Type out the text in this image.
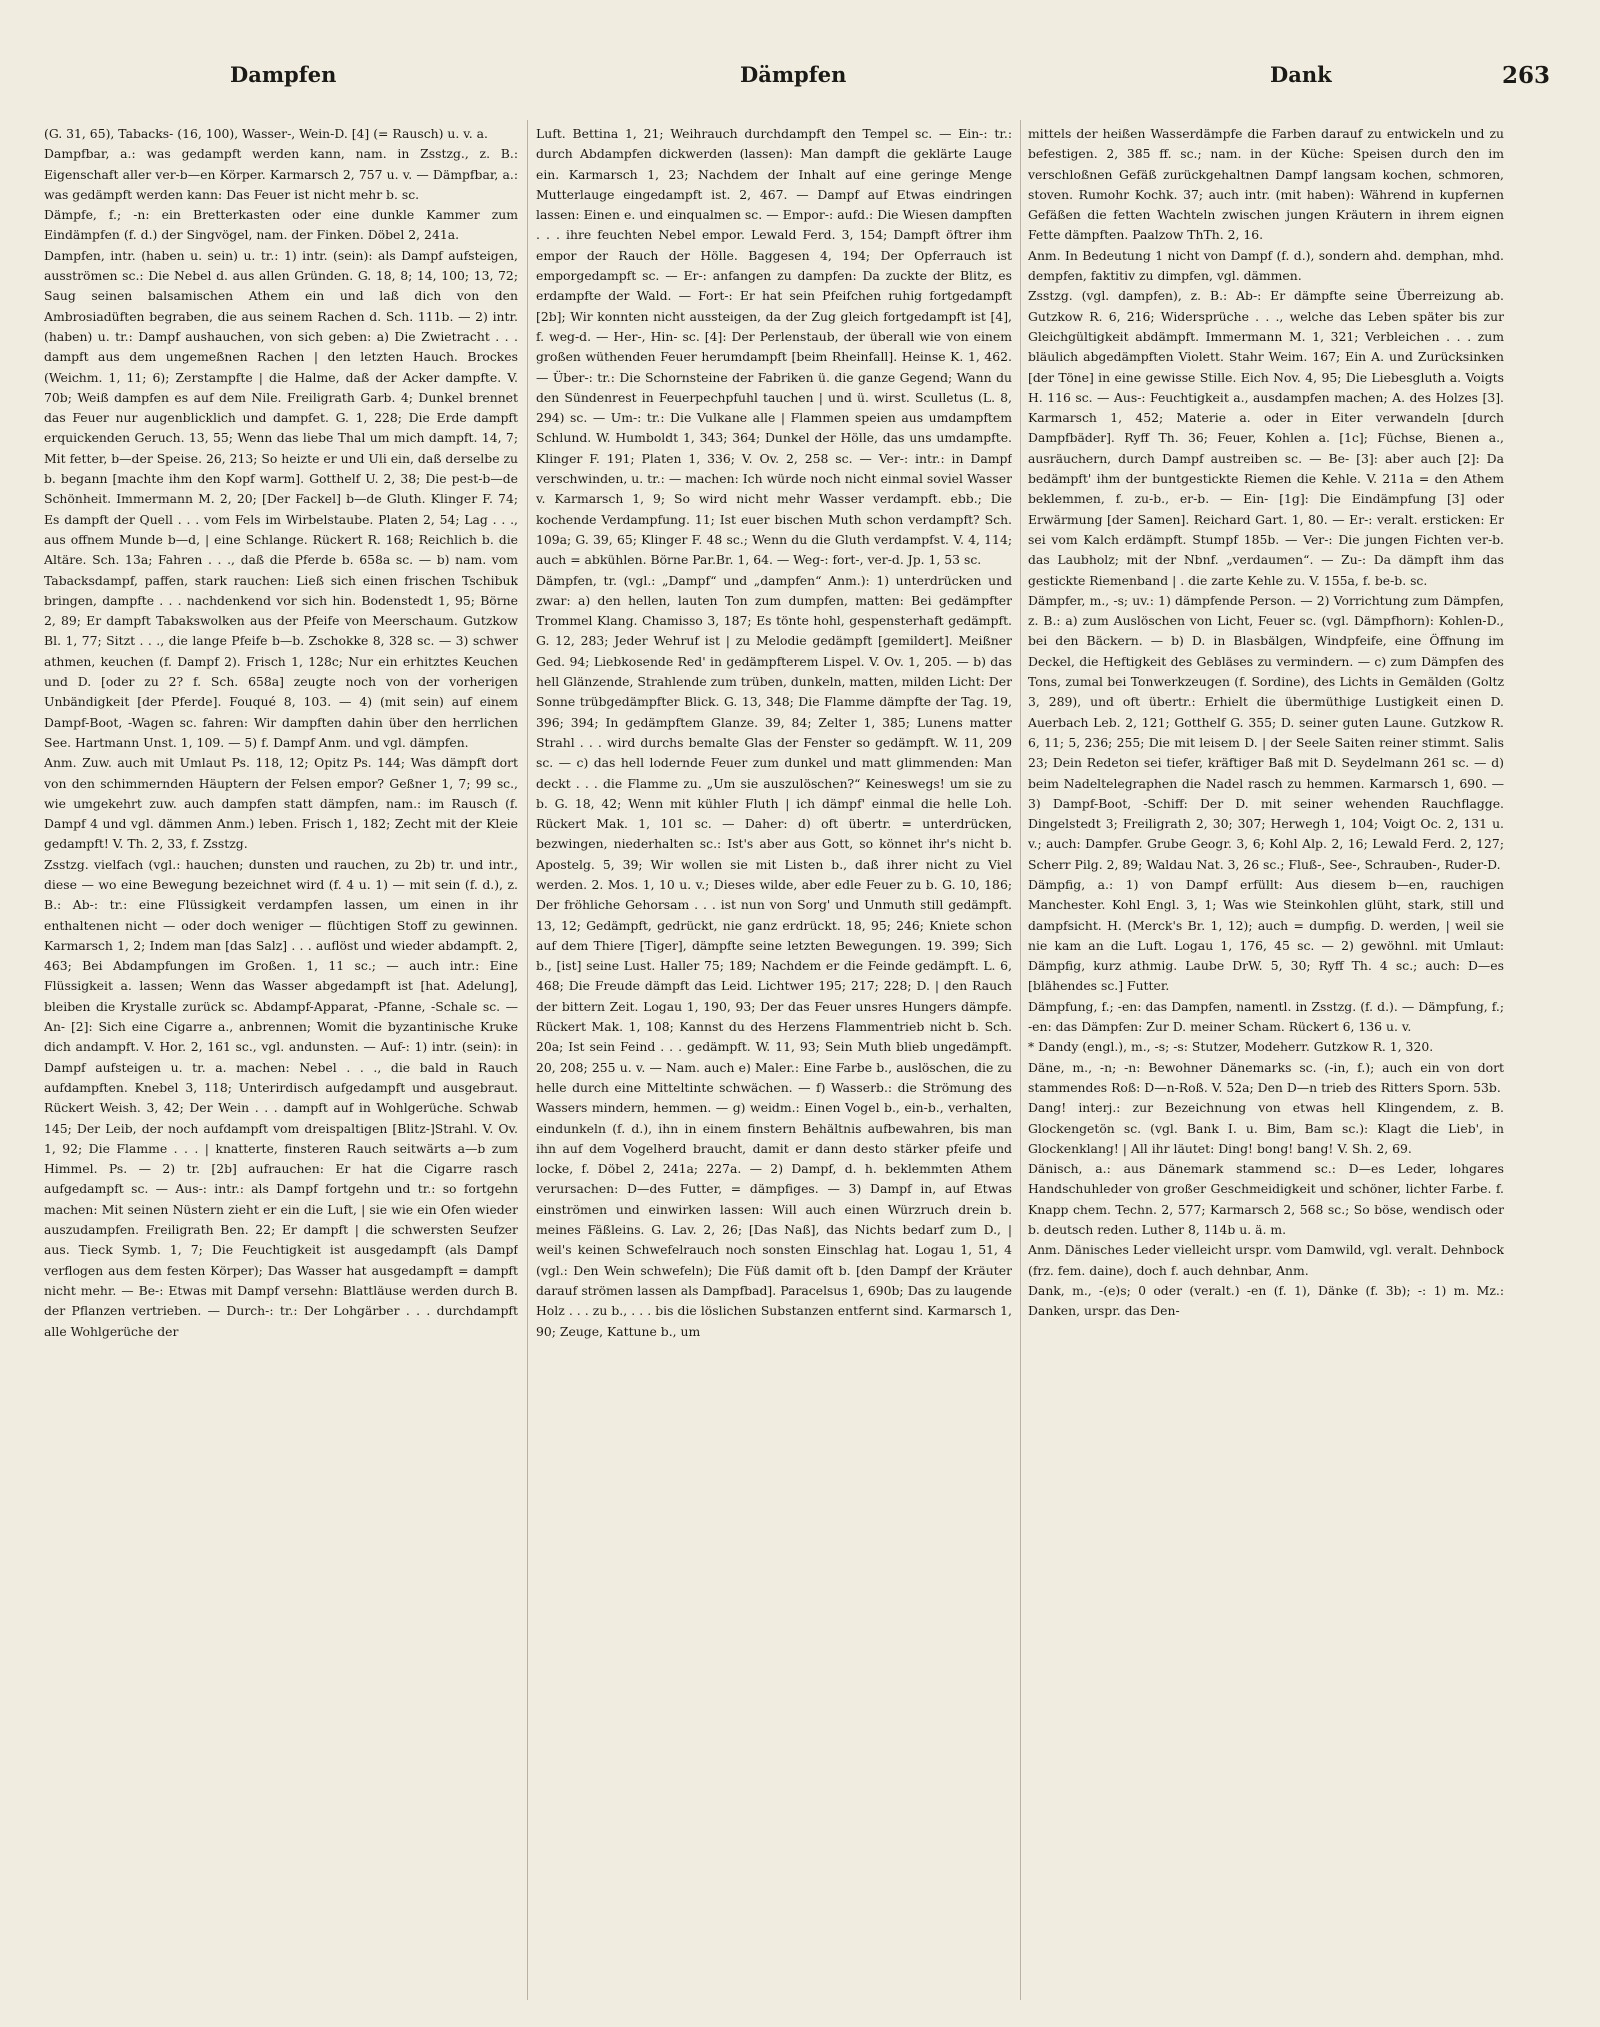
Dampfen	Dämpfen	Dank	263

(G. 31, 65), Tabacks- (16, 100), Wasser-, Wein-D. [4] (= Rausch) u. v. a.

Dampfbar, a.: was gedampft werden kann, nam. in Zsstzg., z. B.: Eigenschaft aller ver-b—en Körper. Karmarsch 2, 757 u. v. — Dämpfbar, a.: was gedämpft werden kann: Das Feuer ist nicht mehr b. sc.

Dämpfe, f.; -n: ein Bretterkasten oder eine dunkle Kammer zum Eindämpfen (f. d.) der Singvögel, nam. der Finken. Döbel 2, 241a.

Dampfen, intr. (haben u. sein) u. tr.: 1) intr. (sein): als Dampf aufsteigen, ausströmen sc.: Die Nebel d. aus allen Gründen. G. 18, 8; 14, 100; 13, 72; Saug seinen balsamischen Athem ein und laß dich von den Ambrosiadüften begraben, die aus seinem Rachen d. Sch. 111b. — 2) intr. (haben) u. tr.: Dampf aushauchen, von sich geben: a) Die Zwietracht . . . dampft aus dem ungemeßnen Rachen | den letzten Hauch. Brockes (Weichm. 1, 11; 6); Zerstampfte | die Halme, daß der Acker dampfte. V. 70b; Weiß dampfen es auf dem Nile. Freiligrath Garb. 4; Dunkel brennet das Feuer nur augenblicklich und dampfet. G. 1, 228; Die Erde dampft erquickenden Geruch. 13, 55; Wenn das liebe Thal um mich dampft. 14, 7; Mit fetter, b—der Speise. 26, 213; So heizte er und Uli ein, daß derselbe zu b. begann [machte ihm den Kopf warm]. Gotthelf U. 2, 38; Die pest-b—de Schönheit. Immermann M. 2, 20; [Der Fackel] b—de Gluth. Klinger F. 74; Es dampft der Quell . . . vom Fels im Wirbelstaube. Platen 2, 54; Lag . . ., aus offnem Munde b—d, | eine Schlange. Rückert R. 168; Reichlich b. die Altäre. Sch. 13a; Fahren . . ., daß die Pferde b. 658a sc. — b) nam. vom Tabacksdampf, paffen, stark rauchen: Ließ sich einen frischen Tschibuk bringen, dampfte . . . nachdenkend vor sich hin. Bodenstedt 1, 95; Börne 2, 89; Er dampft Tabakswolken aus der Pfeife von Meerschaum. Gutzkow Bl. 1, 77; Sitzt . . ., die lange Pfeife b—b. Zschokke 8, 328 sc. — 3) schwer athmen, keuchen (f. Dampf 2). Frisch 1, 128c; Nur ein erhitztes Keuchen und D. [oder zu 2? f. Sch. 658a] zeugte noch von der vorherigen Unbändigkeit [der Pferde]. Fouqué 8, 103. — 4) (mit sein) auf einem Dampf-Boot, -Wagen sc. fahren: Wir dampften dahin über den herrlichen See. Hartmann Unst. 1, 109. — 5) f. Dampf Anm. und vgl. dämpfen.

Anm. Zuw. auch mit Umlaut Ps. 118, 12; Opitz Ps. 144; Was dämpft dort von den schimmernden Häuptern der Felsen empor? Geßner 1, 7; 99 sc., wie umgekehrt zuw. auch dampfen statt dämpfen, nam.: im Rausch (f. Dampf 4 und vgl. dämmen Anm.) leben. Frisch 1, 182; Zecht mit der Kleie gedampft! V. Th. 2, 33, f. Zsstzg.

Zsstzg. vielfach (vgl.: hauchen; dunsten und rauchen, zu 2b) tr. und intr., diese — wo eine Bewegung bezeichnet wird (f. 4 u. 1) — mit sein (f. d.), z. B.: Ab-: tr.: eine Flüssigkeit verdampfen lassen, um einen in ihr enthaltenen nicht — oder doch weniger — flüchtigen Stoff zu gewinnen. Karmarsch 1, 2; Indem man [das Salz] . . . auflöst und wieder abdampft. 2, 463; Bei Abdampfungen im Großen. 1, 11 sc.; — auch intr.: Eine Flüssigkeit a. lassen; Wenn das Wasser abgedampft ist [hat. Adelung], bleiben die Krystalle zurück sc. Abdampf-Apparat, -Pfanne, -Schale sc. — An- [2]: Sich eine Cigarre a., anbrennen; Womit die byzantinische Kruke dich andampft. V. Hor. 2, 161 sc., vgl. andunsten. — Auf-: 1) intr. (sein): in Dampf aufsteigen u. tr. a. machen: Nebel . . ., die bald in Rauch aufdampften. Knebel 3, 118; Unterirdisch aufgedampft und ausgebraut. Rückert Weish. 3, 42; Der Wein . . . dampft auf in Wohlgerüche. Schwab 145; Der Leib, der noch aufdampft vom dreispaltigen [Blitz-]Strahl. V. Ov. 1, 92; Die Flamme . . . | knatterte, finsteren Rauch seitwärts a—b zum Himmel. Ps. — 2) tr. [2b] aufrauchen: Er hat die Cigarre rasch aufgedampft sc. — Aus-: intr.: als Dampf fortgehn und tr.: so fortgehn machen: Mit seinen Nüstern zieht er ein die Luft, | sie wie ein Ofen wieder auszudampfen. Freiligrath Ben. 22; Er dampft | die schwersten Seufzer aus. Tieck Symb. 1, 7; Die Feuchtigkeit ist ausgedampft (als Dampf verflogen aus dem festen Körper); Das Wasser hat ausgedampft = dampft nicht mehr. — Be-: Etwas mit Dampf versehn: Blattläuse werden durch B. der Pflanzen vertrieben. — Durch-: tr.: Der Lohgärber . . . durchdampft alle Wohlgerüche der

Luft. Bettina 1, 21; Weihrauch durchdampft den Tempel sc. — Ein-: tr.: durch Abdampfen dickwerden (lassen): Man dampft die geklärte Lauge ein. Karmarsch 1, 23; Nachdem der Inhalt auf eine geringe Menge Mutterlauge eingedampft ist. 2, 467. — Dampf auf Etwas eindringen lassen: Einen e. und einqualmen sc. — Empor-: aufd.: Die Wiesen dampften . . . ihre feuchten Nebel empor. Lewald Ferd. 3, 154; Dampft öftrer ihm empor der Rauch der Hölle. Baggesen 4, 194; Der Opferrauch ist emporgedampft sc. — Er-: anfangen zu dampfen: Da zuckte der Blitz, es erdampfte der Wald. — Fort-: Er hat sein Pfeifchen ruhig fortgedampft [2b]; Wir konnten nicht aussteigen, da der Zug gleich fortgedampft ist [4], f. weg-d. — Her-, Hin- sc. [4]: Der Perlenstaub, der überall wie von einem großen wüthenden Feuer herumdampft [beim Rheinfall]. Heinse K. 1, 462. — Über-: tr.: Die Schornsteine der Fabriken ü. die ganze Gegend; Wann du den Sündenrest in Feuerpechpfuhl tauchen | und ü. wirst. Sculletus (L. 8, 294) sc. — Um-: tr.: Die Vulkane alle | Flammen speien aus umdampftem Schlund. W. Humboldt 1, 343; 364; Dunkel der Hölle, das uns umdampfte. Klinger F. 191; Platen 1, 336; V. Ov. 2, 258 sc. — Ver-: intr.: in Dampf verschwinden, u. tr.: — machen: Ich würde noch nicht einmal soviel Wasser v. Karmarsch 1, 9; So wird nicht mehr Wasser verdampft. ebb.; Die kochende Verdampfung. 11; Ist euer bischen Muth schon verdampft? Sch. 109a; G. 39, 65; Klinger F. 48 sc.; Wenn du die Gluth verdampfst. V. 4, 114; auch = abkühlen. Börne Par.Br. 1, 64. — Weg-: fort-, ver-d. Jp. 1, 53 sc.

Dämpfen, tr. (vgl.: „Dampf“ und „dampfen“ Anm.): 1) unterdrücken und zwar: a) den hellen, lauten Ton zum dumpfen, matten: Bei gedämpfter Trommel Klang. Chamisso 3, 187; Es tönte hohl, gespensterhaft gedämpft. G. 12, 283; Jeder Wehruf ist | zu Melodie gedämpft [gemildert]. Meißner Ged. 94; Liebkosende Red' in gedämpfterem Lispel. V. Ov. 1, 205. — b) das hell Glänzende, Strahlende zum trüben, dunkeln, matten, milden Licht: Der Sonne trübgedämpfter Blick. G. 13, 348; Die Flamme dämpfte der Tag. 19, 396; 394; In gedämpftem Glanze. 39, 84; Zelter 1, 385; Lunens matter Strahl . . . wird durchs bemalte Glas der Fenster so gedämpft. W. 11, 209 sc. — c) das hell lodernde Feuer zum dunkel und matt glimmenden: Man deckt . . . die Flamme zu. „Um sie auszulöschen?“ Keineswegs! um sie zu b. G. 18, 42; Wenn mit kühler Fluth | ich dämpf' einmal die helle Loh. Rückert Mak. 1, 101 sc. — Daher: d) oft übertr. = unterdrücken, bezwingen, niederhalten sc.: Ist's aber aus Gott, so könnet ihr's nicht b. Apostelg. 5, 39; Wir wollen sie mit Listen b., daß ihrer nicht zu Viel werden. 2. Mos. 1, 10 u. v.; Dieses wilde, aber edle Feuer zu b. G. 10, 186; Der fröhliche Gehorsam . . . ist nun von Sorg' und Unmuth still gedämpft. 13, 12; Gedämpft, gedrückt, nie ganz erdrückt. 18, 95; 246; Kniete schon auf dem Thiere [Tiger], dämpfte seine letzten Bewegungen. 19. 399; Sich b., [ist] seine Lust. Haller 75; 189; Nachdem er die Feinde gedämpft. L. 6, 468; Die Freude dämpft das Leid. Lichtwer 195; 217; 228; D. | den Rauch der bittern Zeit. Logau 1, 190, 93; Der das Feuer unsres Hungers dämpfe. Rückert Mak. 1, 108; Kannst du des Herzens Flammentrieb nicht b. Sch. 20a; Ist sein Feind . . . gedämpft. W. 11, 93; Sein Muth blieb ungedämpft. 20, 208; 255 u. v. — Nam. auch e) Maler.: Eine Farbe b., auslöschen, die zu helle durch eine Mitteltinte schwächen. — f) Wasserb.: die Strömung des Wassers mindern, hemmen. — g) weidm.: Einen Vogel b., ein-b., verhalten, eindunkeln (f. d.), ihn in einem finstern Behältnis aufbewahren, bis man ihn auf dem Vogelherd braucht, damit er dann desto stärker pfeife und locke, f. Döbel 2, 241a; 227a. — 2) Dampf, d. h. beklemmten Athem verursachen: D—des Futter, = dämpfiges. — 3) Dampf in, auf Etwas einströmen und einwirken lassen: Will auch einen Würzruch drein b. meines Fäßleins. G. Lav. 2, 26; [Das Naß], das Nichts bedarf zum D., | weil's keinen Schwefelrauch noch sonsten Einschlag hat. Logau 1, 51, 4 (vgl.: Den Wein schwefeln); Die Füß damit oft b. [den Dampf der Kräuter darauf strömen lassen als Dampfbad]. Paracelsus 1, 690b; Das zu laugende Holz . . . zu b., . . . bis die löslichen Substanzen entfernt sind. Karmarsch 1, 90; Zeuge, Kattune b., um

mittels der heißen Wasserdämpfe die Farben darauf zu entwickeln und zu befestigen. 2, 385 ff. sc.; nam. in der Küche: Speisen durch den im verschloßnen Gefäß zurückgehaltnen Dampf langsam kochen, schmoren, stoven. Rumohr Kochk. 37; auch intr. (mit haben): Während in kupfernen Gefäßen die fetten Wachteln zwischen jungen Kräutern in ihrem eignen Fette dämpften. Paalzow ThTh. 2, 16.

Anm. In Bedeutung 1 nicht von Dampf (f. d.), sondern ahd. demphan, mhd. dempfen, faktitiv zu dimpfen, vgl. dämmen.

Zsstzg. (vgl. dampfen), z. B.: Ab-: Er dämpfte seine Überreizung ab. Gutzkow R. 6, 216; Widersprüche . . ., welche das Leben später bis zur Gleichgültigkeit abdämpft. Immermann M. 1, 321; Verbleichen . . . zum bläulich abgedämpften Violett. Stahr Weim. 167; Ein A. und Zurücksinken [der Töne] in eine gewisse Stille. Eich Nov. 4, 95; Die Liebesgluth a. Voigts H. 116 sc. — Aus-: Feuchtigkeit a., ausdampfen machen; A. des Holzes [3]. Karmarsch 1, 452; Materie a. oder in Eiter verwandeln [durch Dampfbäder]. Ryff Th. 36; Feuer, Kohlen a. [1c]; Füchse, Bienen a., ausräuchern, durch Dampf austreiben sc. — Be- [3]: aber auch [2]: Da bedämpft' ihm der buntgestickte Riemen die Kehle. V. 211a = den Athem beklemmen, f. zu-b., er-b. — Ein- [1g]: Die Eindämpfung [3] oder Erwärmung [der Samen]. Reichard Gart. 1, 80. — Er-: veralt. ersticken: Er sei vom Kalch erdämpft. Stumpf 185b. — Ver-: Die jungen Fichten ver-b. das Laubholz; mit der Nbnf. „verdaumen“. — Zu-: Da dämpft ihm das gestickte Riemenband | . die zarte Kehle zu. V. 155a, f. be-b. sc.

Dämpfer, m., -s; uv.: 1) dämpfende Person. — 2) Vorrichtung zum Dämpfen, z. B.: a) zum Auslöschen von Licht, Feuer sc. (vgl. Dämpfhorn): Kohlen-D., bei den Bäckern. — b) D. in Blasbälgen, Windpfeife, eine Öffnung im Deckel, die Heftigkeit des Gebläses zu vermindern. — c) zum Dämpfen des Tons, zumal bei Tonwerkzeugen (f. Sordine), des Lichts in Gemälden (Goltz 3, 289), und oft übertr.: Erhielt die übermüthige Lustigkeit einen D. Auerbach Leb. 2, 121; Gotthelf G. 355; D. seiner guten Laune. Gutzkow R. 6, 11; 5, 236; 255; Die mit leisem D. | der Seele Saiten reiner stimmt. Salis 23; Dein Redeton sei tiefer, kräftiger Baß mit D. Seydelmann 261 sc. — d) beim Nadeltelegraphen die Nadel rasch zu hemmen. Karmarsch 1, 690. — 3) Dampf-Boot, -Schiff: Der D. mit seiner wehenden Rauchflagge. Dingelstedt 3; Freiligrath 2, 30; 307; Herwegh 1, 104; Voigt Oc. 2, 131 u. v.; auch: Dampfer. Grube Geogr. 3, 6; Kohl Alp. 2, 16; Lewald Ferd. 2, 127; Scherr Pilg. 2, 89; Waldau Nat. 3, 26 sc.; Fluß-, See-, Schrauben-, Ruder-D.

Dämpfig, a.: 1) von Dampf erfüllt: Aus diesem b—en, rauchigen Manchester. Kohl Engl. 3, 1; Was wie Steinkohlen glüht, stark, still und dampfsicht. H. (Merck's Br. 1, 12); auch = dumpfig. D. werden, | weil sie nie kam an die Luft. Logau 1, 176, 45 sc. — 2) gewöhnl. mit Umlaut: Dämpfig, kurz athmig. Laube DrW. 5, 30; Ryff Th. 4 sc.; auch: D—es [blähendes sc.] Futter.

Dämpfung, f.; -en: das Dampfen, namentl. in Zsstzg. (f. d.). — Dämpfung, f.; -en: das Dämpfen: Zur D. meiner Scham. Rückert 6, 136 u. v.

* Dandy (engl.), m., -s; -s: Stutzer, Modeherr. Gutzkow R. 1, 320.

Däne, m., -n; -n: Bewohner Dänemarks sc. (-in, f.); auch ein von dort stammendes Roß: D—n-Roß. V. 52a; Den D—n trieb des Ritters Sporn. 53b.

Dang! interj.: zur Bezeichnung von etwas hell Klingendem, z. B. Glockengetön sc. (vgl. Bank I. u. Bim, Bam sc.): Klagt die Lieb', in Glockenklang! | All ihr läutet: Ding! bong! bang! V. Sh. 2, 69.

Dänisch, a.: aus Dänemark stammend sc.: D—es Leder, lohgares Handschuhleder von großer Geschmeidigkeit und schöner, lichter Farbe. f. Knapp chem. Techn. 2, 577; Karmarsch 2, 568 sc.; So böse, wendisch oder b. deutsch reden. Luther 8, 114b u. ä. m.

Anm. Dänisches Leder vielleicht urspr. vom Damwild, vgl. veralt. Dehnbock (frz. fem. daine), doch f. auch dehnbar, Anm.

Dank, m., -(e)s; 0 oder (veralt.) -en (f. 1), Dänke (f. 3b); -: 1) m. Mz.: Danken, urspr. das Den-
